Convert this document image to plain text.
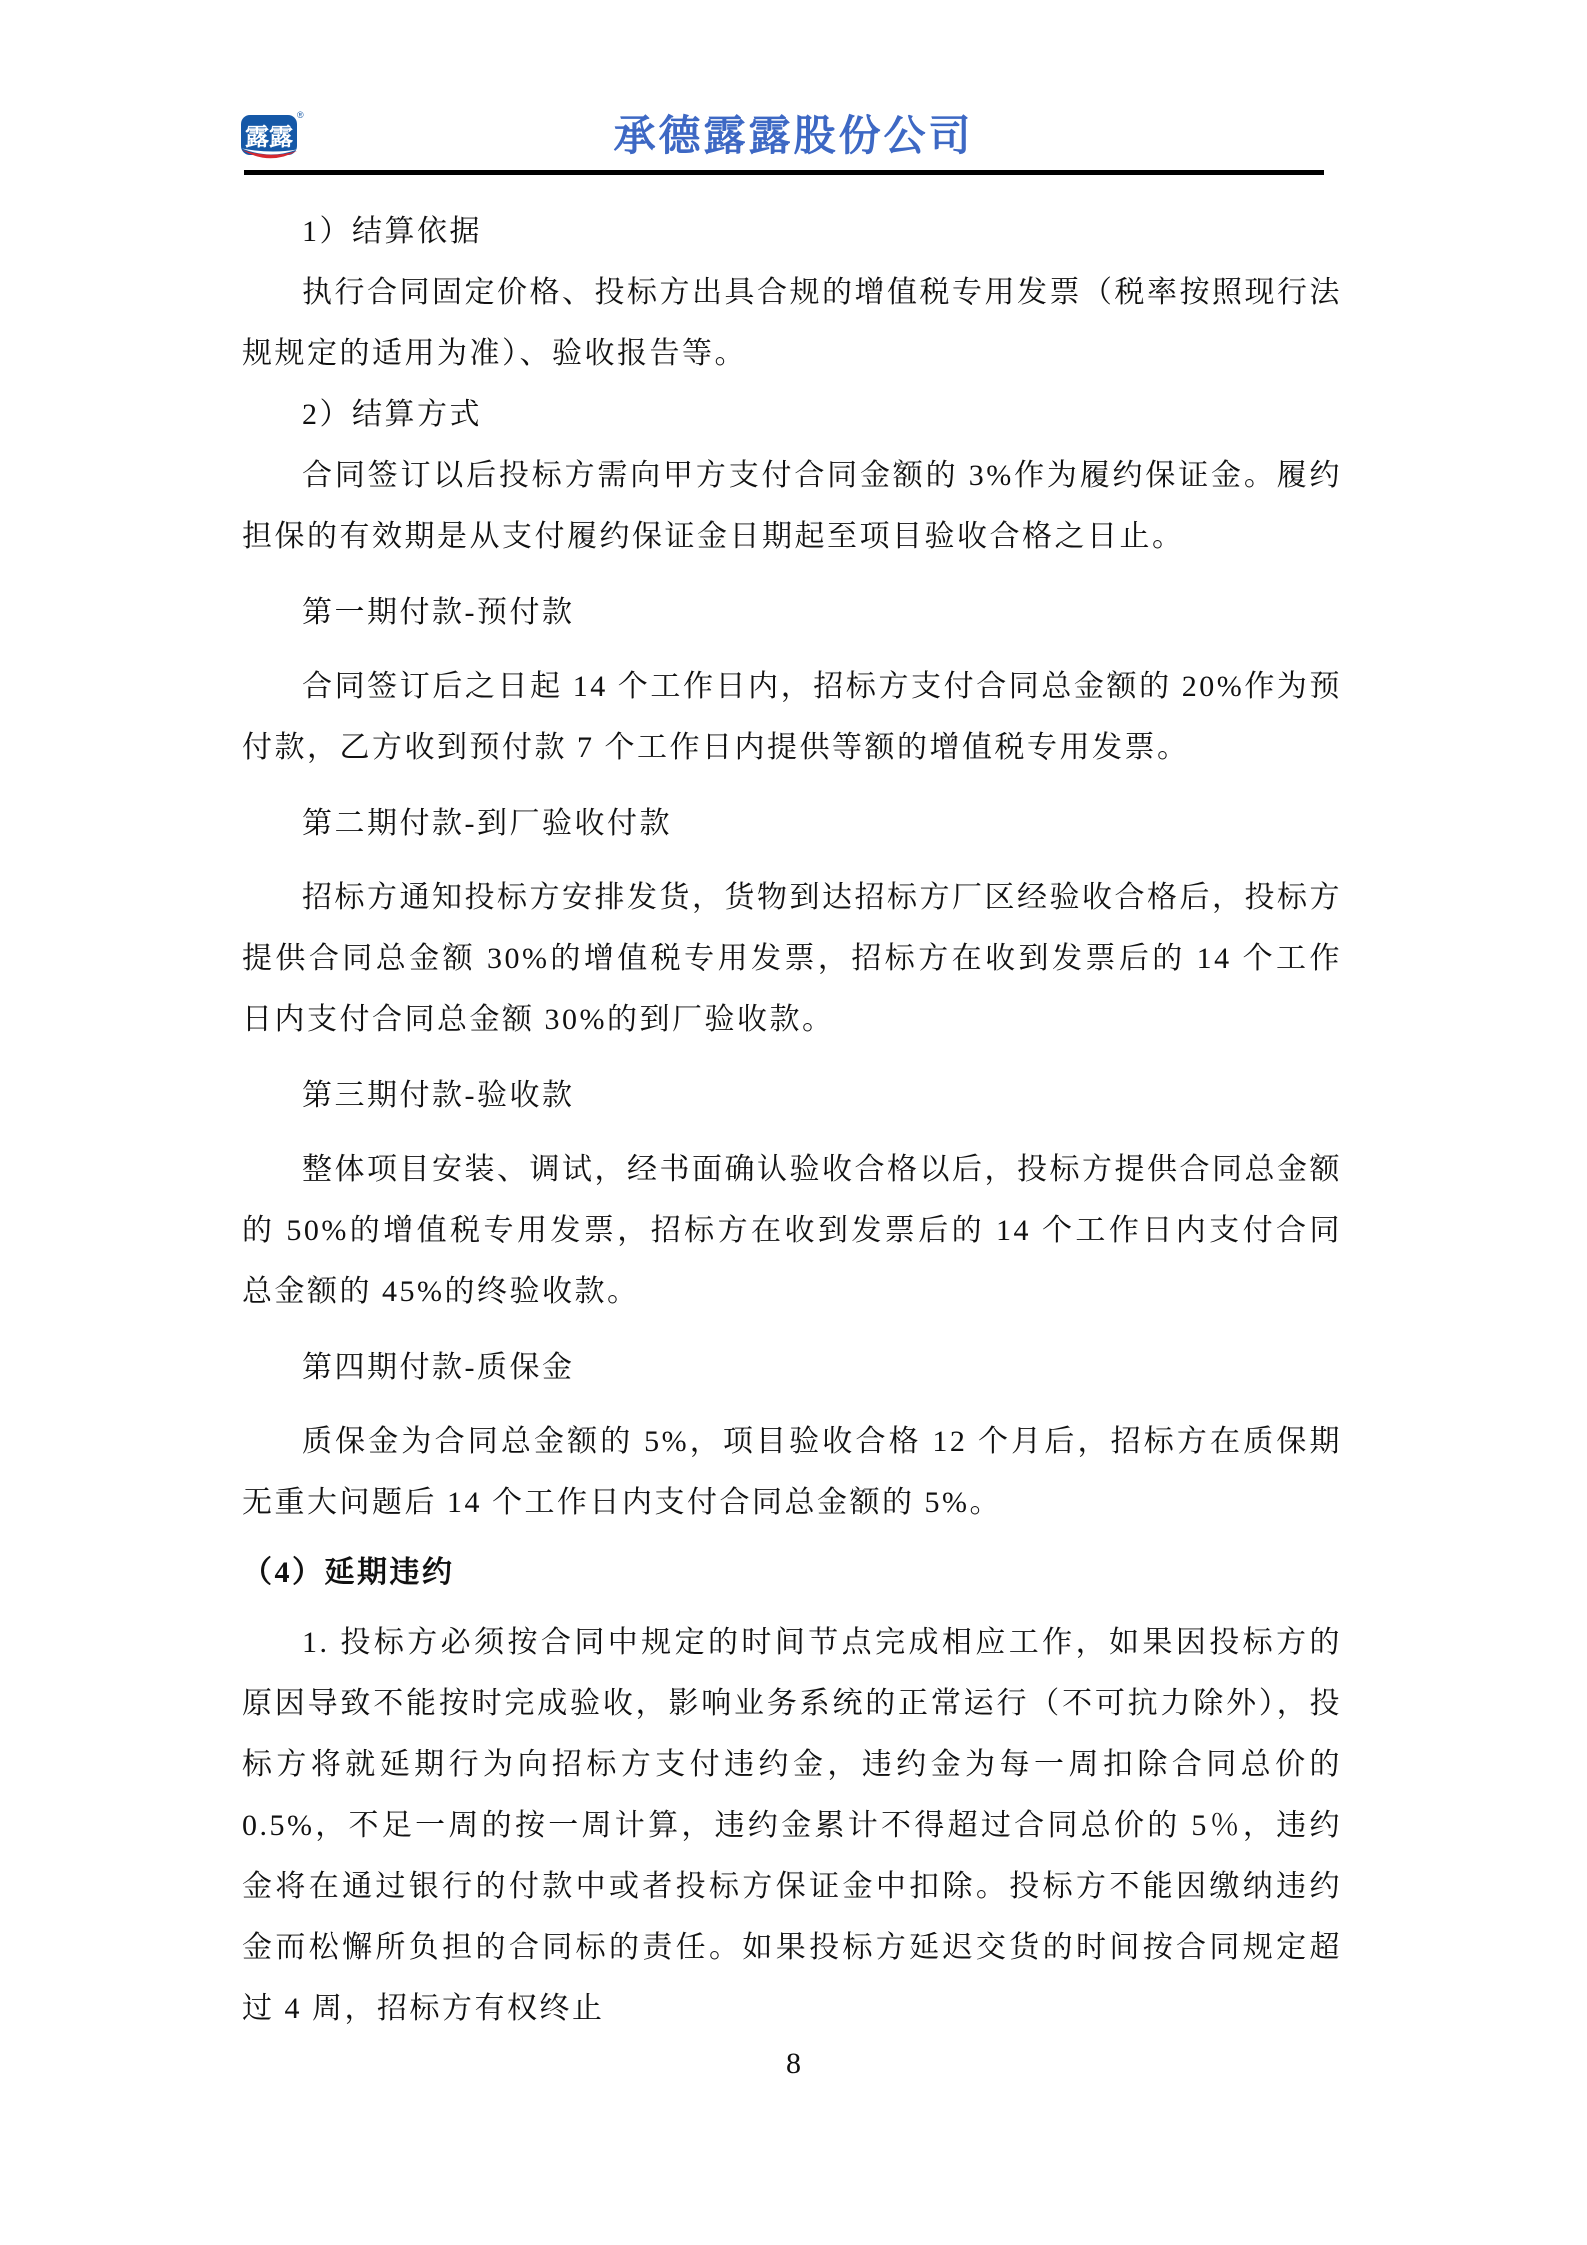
露露
®	承德露露股份公司

1）结算依据

执行合同固定价格、投标方出具合规的增值税专用发票（税率按照现行法规规定的适用为准）、验收报告等。

2）结算方式

合同签订以后投标方需向甲方支付合同金额的 3%作为履约保证金。履约担保的有效期是从支付履约保证金日期起至项目验收合格之日止。

第一期付款-预付款

合同签订后之日起 14 个工作日内，招标方支付合同总金额的 20%作为预付款，乙方收到预付款 7 个工作日内提供等额的增值税专用发票。

第二期付款-到厂验收付款

招标方通知投标方安排发货，货物到达招标方厂区经验收合格后，投标方提供合同总金额 30%的增值税专用发票，招标方在收到发票后的 14 个工作日内支付合同总金额 30%的到厂验收款。

第三期付款-验收款

整体项目安装、调试，经书面确认验收合格以后，投标方提供合同总金额的 50%的增值税专用发票，招标方在收到发票后的 14 个工作日内支付合同总金额的 45%的终验收款。

第四期付款-质保金

质保金为合同总金额的 5%，项目验收合格 12 个月后，招标方在质保期无重大问题后 14 个工作日内支付合同总金额的 5%。

（4）延期违约

1. 投标方必须按合同中规定的时间节点完成相应工作，如果因投标方的原因导致不能按时完成验收，影响业务系统的正常运行（不可抗力除外），投标方将就延期行为向招标方支付违约金，违约金为每一周扣除合同总价的 0.5%，不足一周的按一周计算，违约金累计不得超过合同总价的 5％，违约金将在通过银行的付款中或者投标方保证金中扣除。投标方不能因缴纳违约金而松懈所负担的合同标的责任。如果投标方延迟交货的时间按合同规定超过 4 周，招标方有权终止

8
